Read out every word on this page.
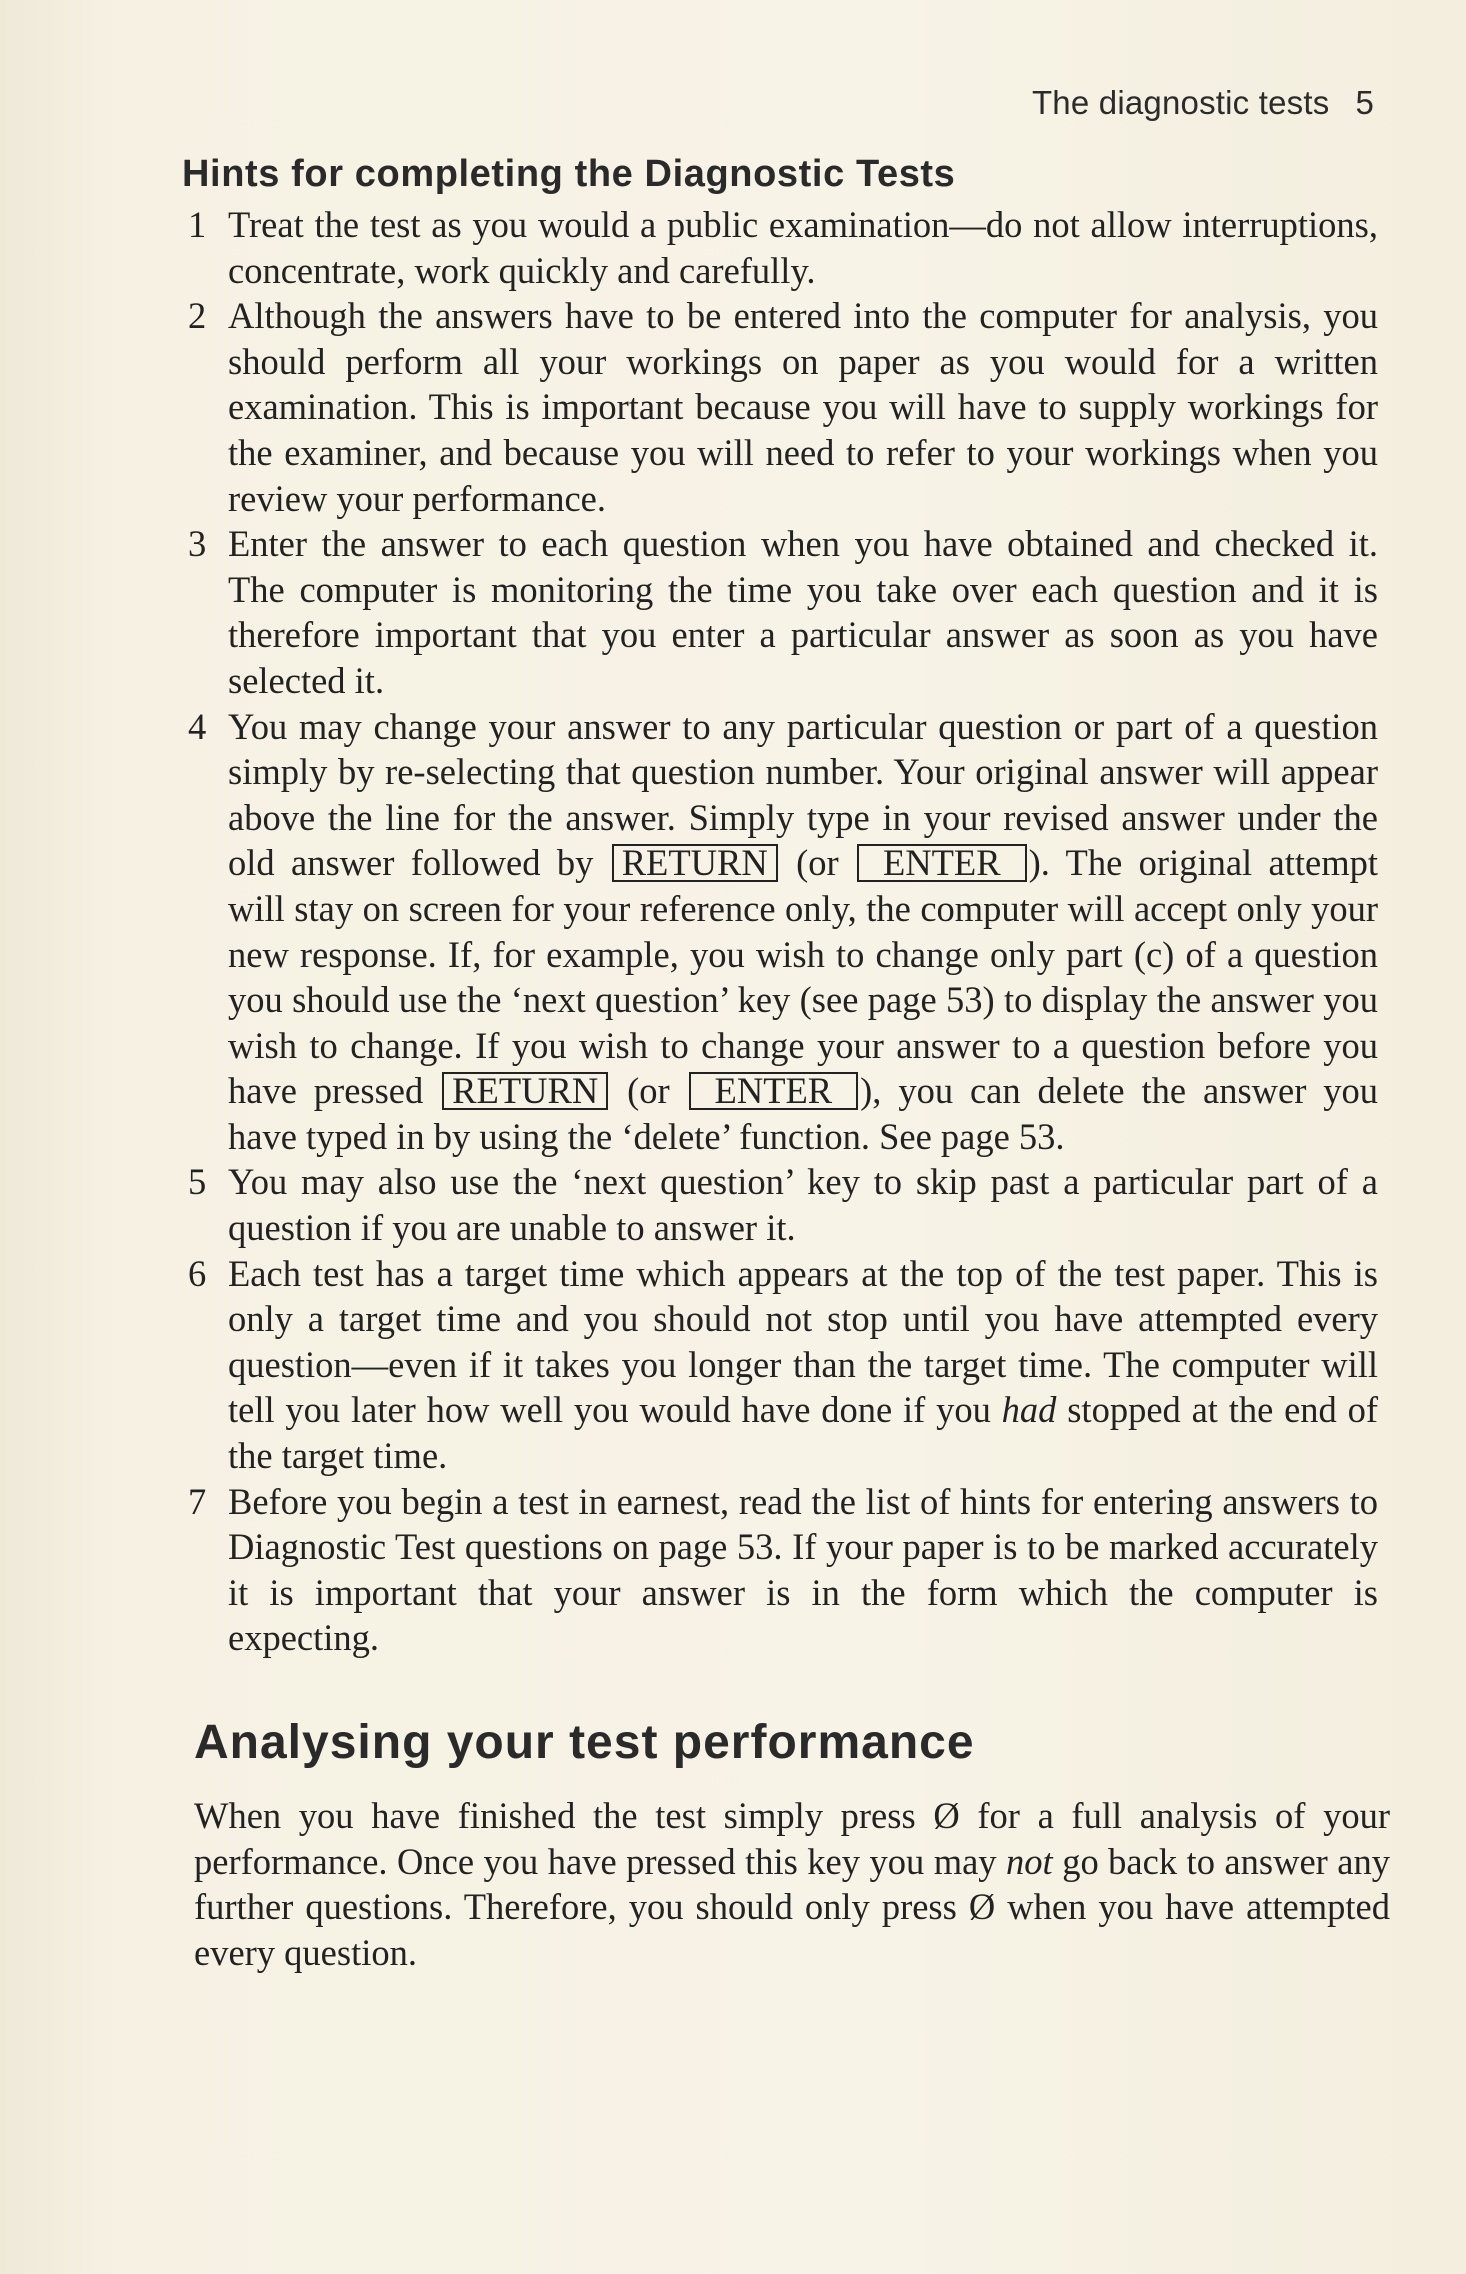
The diagnostic tests 5
Hints for completing the Diagnostic Tests
1 Treat the test as you would a public examination—do not allow interruptions, concentrate, work quickly and carefully.
2 Although the answers have to be entered into the computer for analysis, you should perform all your workings on paper as you would for a written examination. This is important because you will have to supply workings for the examiner, and because you will need to refer to your workings when you review your performance.
3 Enter the answer to each question when you have obtained and checked it. The computer is monitoring the time you take over each question and it is therefore important that you enter a particular answer as soon as you have selected it.
4 You may change your answer to any particular question or part of a question simply by re-selecting that question number. Your original answer will appear above the line for the answer. Simply type in your revised answer under the old answer followed by RETURN (or ENTER ). The original attempt will stay on screen for your reference only, the computer will accept only your new response. If, for example, you wish to change only part (c) of a question you should use the ‘next question’ key (see page 53) to display the answer you wish to change. If you wish to change your answer to a question before you have pressed RETURN (or ENTER ), you can delete the answer you have typed in by using the ‘delete’ function. See page 53.
5 You may also use the ‘next question’ key to skip past a particular part of a question if you are unable to answer it.
6 Each test has a target time which appears at the top of the test paper. This is only a target time and you should not stop until you have attempted every question—even if it takes you longer than the target time. The computer will tell you later how well you would have done if you had stopped at the end of the target time.
7 Before you begin a test in earnest, read the list of hints for entering answers to Diagnostic Test questions on page 53. If your paper is to be marked accurately it is important that your answer is in the form which the computer is expecting.
Analysing your test performance

When you have finished the test simply press Ø for a full analysis of your performance. Once you have pressed this key you may not go back to answer any further questions. Therefore, you should only press Ø when you have attempted every question.
